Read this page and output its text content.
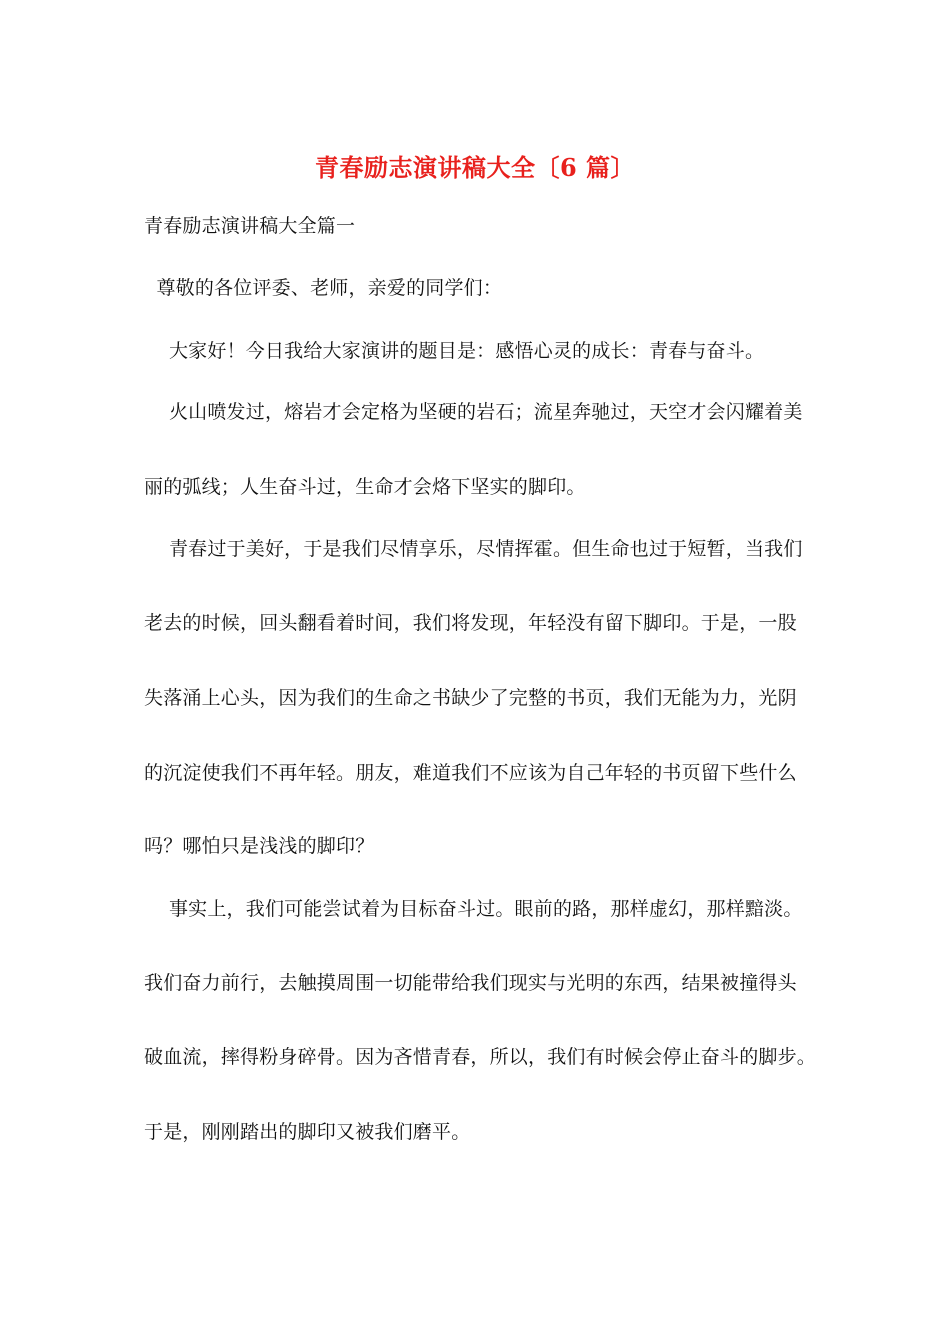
青春励志演讲稿大全〔6 篇〕
青春励志演讲稿大全篇一
尊敬的各位评委、老师，亲爱的同学们：
大家好！今日我给大家演讲的题目是：感悟心灵的成长：青春与奋斗。
火山喷发过，熔岩才会定格为坚硬的岩石；流星奔驰过，天空才会闪耀着美
丽的弧线；人生奋斗过，生命才会烙下坚实的脚印。
青春过于美好，于是我们尽情享乐，尽情挥霍。但生命也过于短暂，当我们
老去的时候，回头翻看着时间，我们将发现，年轻没有留下脚印。于是，一股
失落涌上心头，因为我们的生命之书缺少了完整的书页，我们无能为力，光阴
的沉淀使我们不再年轻。朋友，难道我们不应该为自己年轻的书页留下些什么
吗？哪怕只是浅浅的脚印？
事实上，我们可能尝试着为目标奋斗过。眼前的路，那样虚幻，那样黯淡。
我们奋力前行，去触摸周围一切能带给我们现实与光明的东西，结果被撞得头
破血流，摔得粉身碎骨。因为吝惜青春，所以，我们有时候会停止奋斗的脚步。
于是，刚刚踏出的脚印又被我们磨平。
